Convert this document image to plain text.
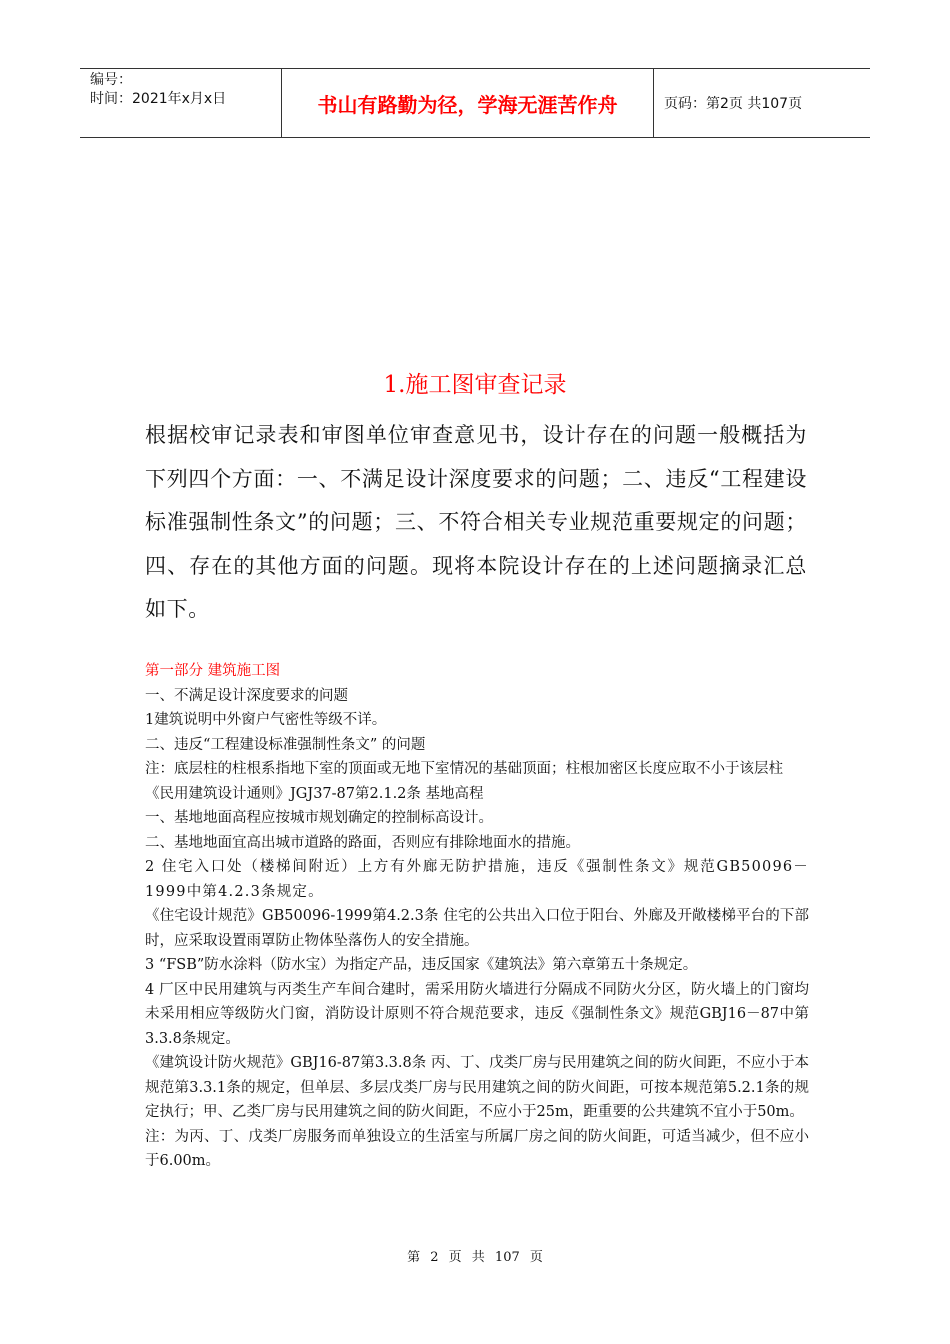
编号：
时间：2021年x月x日	书山有路勤为径，学海无涯苦作舟	页码：第2页 共107页
1.施工图审查记录
根据校审记录表和审图单位审查意见书，设计存在的问题一般概括为下列四个方面：一、不满足设计深度要求的问题；二、违反“工程建设标准强制性条文”的问题；三、不符合相关专业规范重要规定的问题；四、存在的其他方面的问题。现将本院设计存在的上述问题摘录汇总如下。

第一部分 建筑施工图

一、不满足设计深度要求的问题

1建筑说明中外窗户气密性等级不详。

二、违反“工程建设标准强制性条文” 的问题

注：底层柱的柱根系指地下室的顶面或无地下室情况的基础顶面；柱根加密区长度应取不小于该层柱

《民用建筑设计通则》JGJ37-87第2.1.2条 基地高程

一、基地地面高程应按城市规划确定的控制标高设计。

二、基地地面宜高出城市道路的路面，否则应有排除地面水的措施。

2 住宅入口处（楼梯间附近）上方有外廊无防护措施，违反《强制性条文》规范GB50096－1999中第4.2.3条规定。

《住宅设计规范》GB50096-1999第4.2.3条 住宅的公共出入口位于阳台、外廊及开敞楼梯平台的下部时，应采取设置雨罩防止物体坠落伤人的安全措施。

3 “FSB”防水涂料（防水宝）为指定产品，违反国家《建筑法》第六章第五十条规定。

4 厂区中民用建筑与丙类生产车间合建时，需采用防火墙进行分隔成不同防火分区，防火墙上的门窗均未采用相应等级防火门窗，消防设计原则不符合规范要求，违反《强制性条文》规范GBJ16－87中第3.3.8条规定。

《建筑设计防火规范》GBJ16-87第3.3.8条 丙、丁、戊类厂房与民用建筑之间的防火间距，不应小于本规范第3.3.1条的规定，但单层、多层戊类厂房与民用建筑之间的防火间距，可按本规范第5.2.1条的规定执行；甲、乙类厂房与民用建筑之间的防火间距，不应小于25m，距重要的公共建筑不宜小于50m。

注：为丙、丁、戊类厂房服务而单独设立的生活室与所属厂房之间的防火间距，可适当减少，但不应小于6.00m。

第 2 页 共 107 页
